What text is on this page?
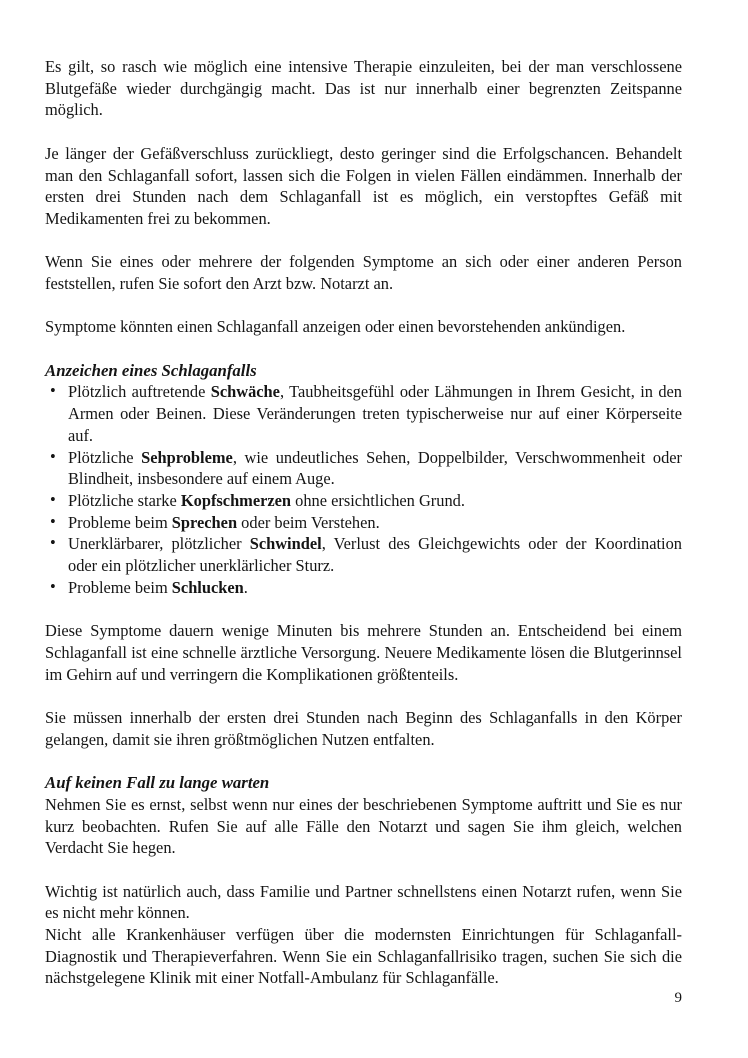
Es gilt, so rasch wie möglich eine intensive Therapie einzuleiten, bei der man verschlossene Blutgefäße wieder durchgängig macht. Das ist nur innerhalb einer begrenzten Zeitspanne möglich.

Je länger der Gefäßverschluss zurückliegt, desto geringer sind die Erfolgschancen. Behandelt man den Schlaganfall sofort, lassen sich die Folgen in vielen Fällen eindämmen. Innerhalb der ersten drei Stunden nach dem Schlaganfall ist es möglich, ein verstopftes Gefäß mit Medikamenten frei zu bekommen.

Wenn Sie eines oder mehrere der folgenden Symptome an sich oder einer anderen Person feststellen, rufen Sie sofort den Arzt bzw. Notarzt an.

Symptome könnten einen Schlaganfall anzeigen oder einen bevorstehenden ankündigen.

Anzeichen eines Schlaganfalls
• Plötzlich auftretende Schwäche, Taubheitsgefühl oder Lähmungen in Ihrem Gesicht, in den Armen oder Beinen. Diese Veränderungen treten typischerweise nur auf einer Körperseite auf.
• Plötzliche Sehprobleme, wie undeutliches Sehen, Doppelbilder, Verschwommenheit oder Blindheit, insbesondere auf einem Auge.
• Plötzliche starke Kopfschmerzen ohne ersichtlichen Grund.
• Probleme beim Sprechen oder beim Verstehen.
• Unerklärbarer, plötzlicher Schwindel, Verlust des Gleichgewichts oder der Koordination oder ein plötzlicher unerklärlicher Sturz.
• Probleme beim Schlucken.

Diese Symptome dauern wenige Minuten bis mehrere Stunden an. Entscheidend bei einem Schlaganfall ist eine schnelle ärztliche Versorgung. Neuere Medikamente lösen die Blutgerinnsel im Gehirn auf und verringern die Komplikationen größtenteils.

Sie müssen innerhalb der ersten drei Stunden nach Beginn des Schlaganfalls in den Körper gelangen, damit sie ihren größtmöglichen Nutzen entfalten.

Auf keinen Fall zu lange warten

Nehmen Sie es ernst, selbst wenn nur eines der beschriebenen Symptome auftritt und Sie es nur kurz beobachten. Rufen Sie auf alle Fälle den Notarzt und sagen Sie ihm gleich, welchen Verdacht Sie hegen.

Wichtig ist natürlich auch, dass Familie und Partner schnellstens einen Notarzt rufen, wenn Sie es nicht mehr können.

Nicht alle Krankenhäuser verfügen über die modernsten Einrichtungen für Schlaganfall-Diagnostik und Therapieverfahren. Wenn Sie ein Schlaganfallrisiko tragen, suchen Sie sich die nächstgelegene Klinik mit einer Notfall-Ambulanz für Schlaganfälle.

9
